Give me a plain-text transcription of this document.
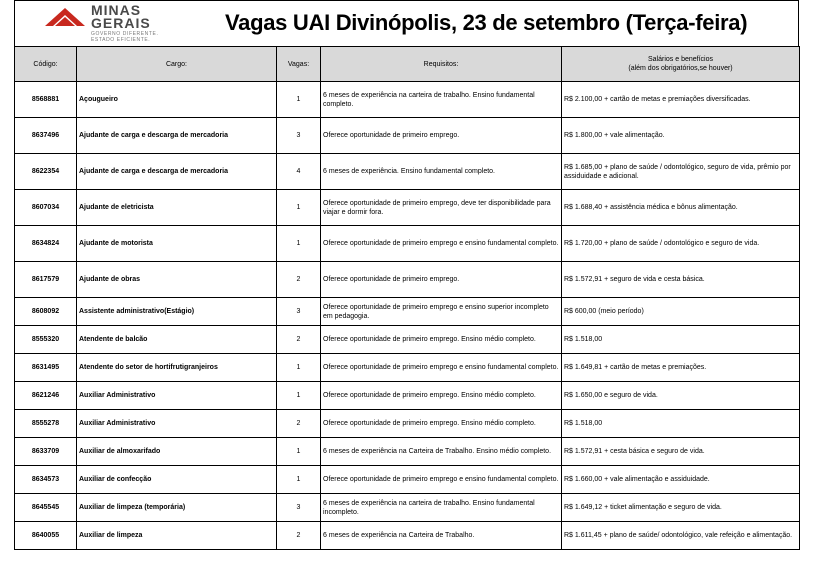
MINAS
GERAIS
GOVERNO DIFERENTE.
ESTADO EFICIENTE.
Vagas UAI Divinópolis, 23 de setembro (Terça-feira)
Código:	Cargo:	Vagas:	Requisitos:	Salários e benefícios
(além dos obrigatórios,se houver)
8568881	Açougueiro	1	6 meses de experiência na carteira de trabalho. Ensino fundamental completo.	R$ 2.100,00 + cartão de metas e premiações diversificadas.
8637496	Ajudante de carga e descarga de mercadoria	3	Oferece oportunidade de primeiro emprego.	R$ 1.800,00 + vale alimentação.
8622354	Ajudante de carga e descarga de mercadoria	4	6 meses de experiência. Ensino fundamental completo.	R$ 1.685,00 + plano de saúde / odontológico, seguro de vida, prêmio por assiduidade e adicional.
8607034	Ajudante de eletricista	1	Oferece oportunidade de primeiro emprego, deve ter disponibilidade para viajar e dormir fora.	R$ 1.688,40 + assistência médica e bônus alimentação.
8634824	Ajudante de motorista	1	Oferece oportunidade de primeiro emprego e ensino fundamental completo.	R$ 1.720,00 + plano de saúde / odontológico e seguro de vida.
8617579	Ajudante de obras	2	Oferece oportunidade de primeiro emprego.	R$ 1.572,91 + seguro de vida e cesta básica.
8608092	Assistente administrativo(Estágio)	3	Oferece oportunidade de primeiro emprego e ensino superior incompleto em pedagogia.	R$ 600,00 (meio período)
8555320	Atendente de balcão	2	Oferece oportunidade de primeiro emprego. Ensino médio completo.	R$ 1.518,00
8631495	Atendente do setor de hortifrutigranjeiros	1	Oferece oportunidade de primeiro emprego e ensino fundamental completo.	R$ 1.649,81 + cartão de metas e premiações.
8621246	Auxiliar Administrativo	1	Oferece oportunidade de primeiro emprego. Ensino médio completo.	R$ 1.650,00 e seguro de vida.
8555278	Auxiliar Administrativo	2	Oferece oportunidade de primeiro emprego. Ensino médio completo.	R$ 1.518,00
8633709	Auxiliar de almoxarifado	1	6 meses de experiência na Carteira de Trabalho. Ensino médio completo.	R$ 1.572,91 + cesta básica e seguro de vida.
8634573	Auxiliar de confecção	1	Oferece oportunidade de primeiro emprego e ensino fundamental completo.	R$ 1.660,00 + vale alimentação e assiduidade.
8645545	Auxiliar de limpeza (temporária)	3	6 meses de experiência na carteira de trabalho. Ensino fundamental incompleto.	R$ 1.649,12 + ticket alimentação e seguro de vida.
8640055	Auxiliar de limpeza	2	6 meses de experiência na Carteira de Trabalho.	R$ 1.611,45 + plano de saúde/ odontológico, vale refeição e alimentação.
